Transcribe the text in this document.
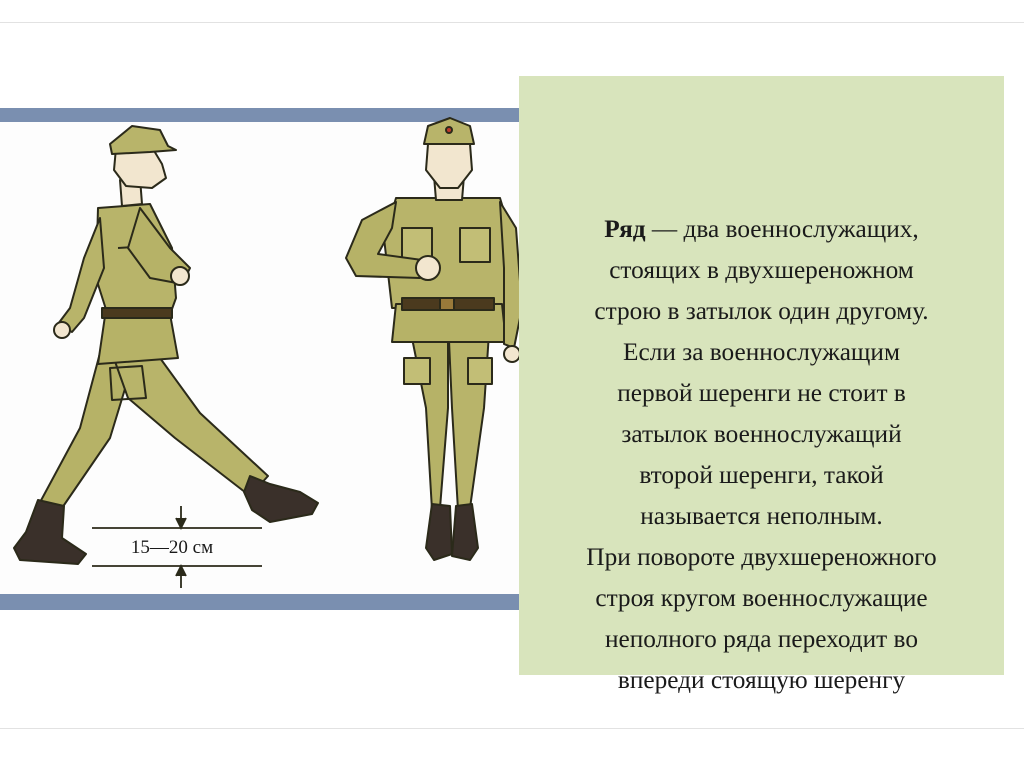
15—20 см
Ряд — два военнослужащих,
стоящих в двухшереножном
строю в затылок один другому.
Если за военнослужащим
первой шеренги не стоит в
затылок военнослужащий
второй шеренги, такой
называется неполным.
При повороте двухшереножного
строя кругом военнослужащие
неполного ряда переходит во
впереди стоящую шеренгу
